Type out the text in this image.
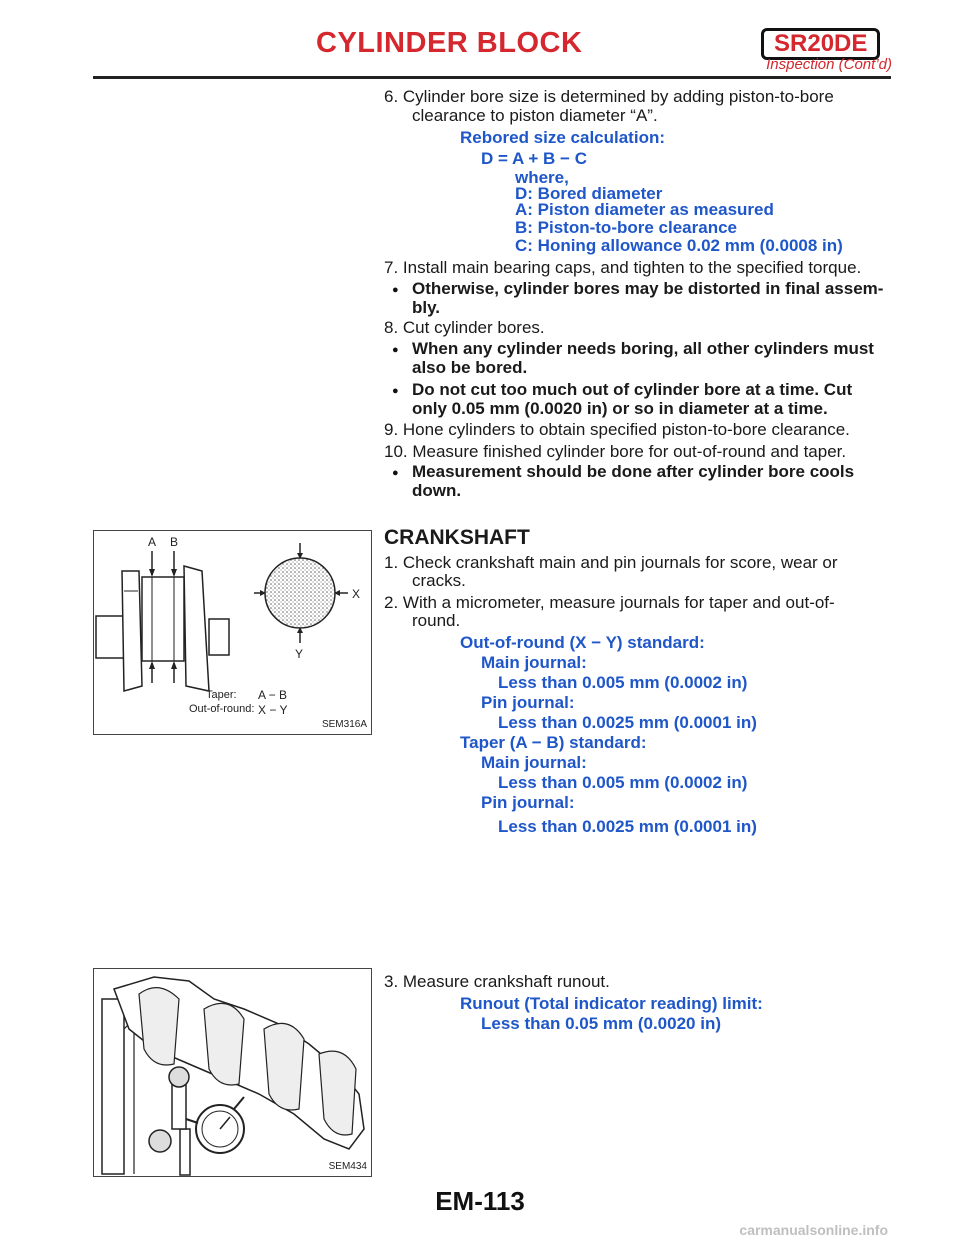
CYLINDER BLOCK	SR20DE
Inspection (Cont’d)
6. Cylinder bore size is determined by adding piston-to-bore
clearance to piston diameter “A”.
Rebored size calculation:
D = A + B − C
where,
D: Bored diameter
A: Piston diameter as measured
B: Piston-to-bore clearance
C: Honing allowance 0.02 mm (0.0008 in)
7. Install main bearing caps, and tighten to the specified torque.
● Otherwise, cylinder bores may be distorted in final assem-
bly.
8. Cut cylinder bores.
● When any cylinder needs boring, all other cylinders must
also be bored.
● Do not cut too much out of cylinder bore at a time. Cut
only 0.05 mm (0.0020 in) or so in diameter at a time.
9. Hone cylinders to obtain specified piston-to-bore clearance.
10. Measure finished cylinder bore for out-of-round and taper.
● Measurement should be done after cylinder bore cools
down.
A B
X
Y
Taper:
Out-of-round:
A − B
X − Y
SEM316A
CRANKSHAFT
1. Check crankshaft main and pin journals for score, wear or
cracks.
2. With a micrometer, measure journals for taper and out-of-
round.
Out-of-round (X − Y) standard:
Main journal:
Less than 0.005 mm (0.0002 in)
Pin journal:
Less than 0.0025 mm (0.0001 in)
Taper (A − B) standard:
Main journal:
Less than 0.005 mm (0.0002 in)
Pin journal:
Less than 0.0025 mm (0.0001 in)
SEM434
3. Measure crankshaft runout.
Runout (Total indicator reading) limit:
Less than 0.05 mm (0.0020 in)
EM-113
carmanualsonline.info
